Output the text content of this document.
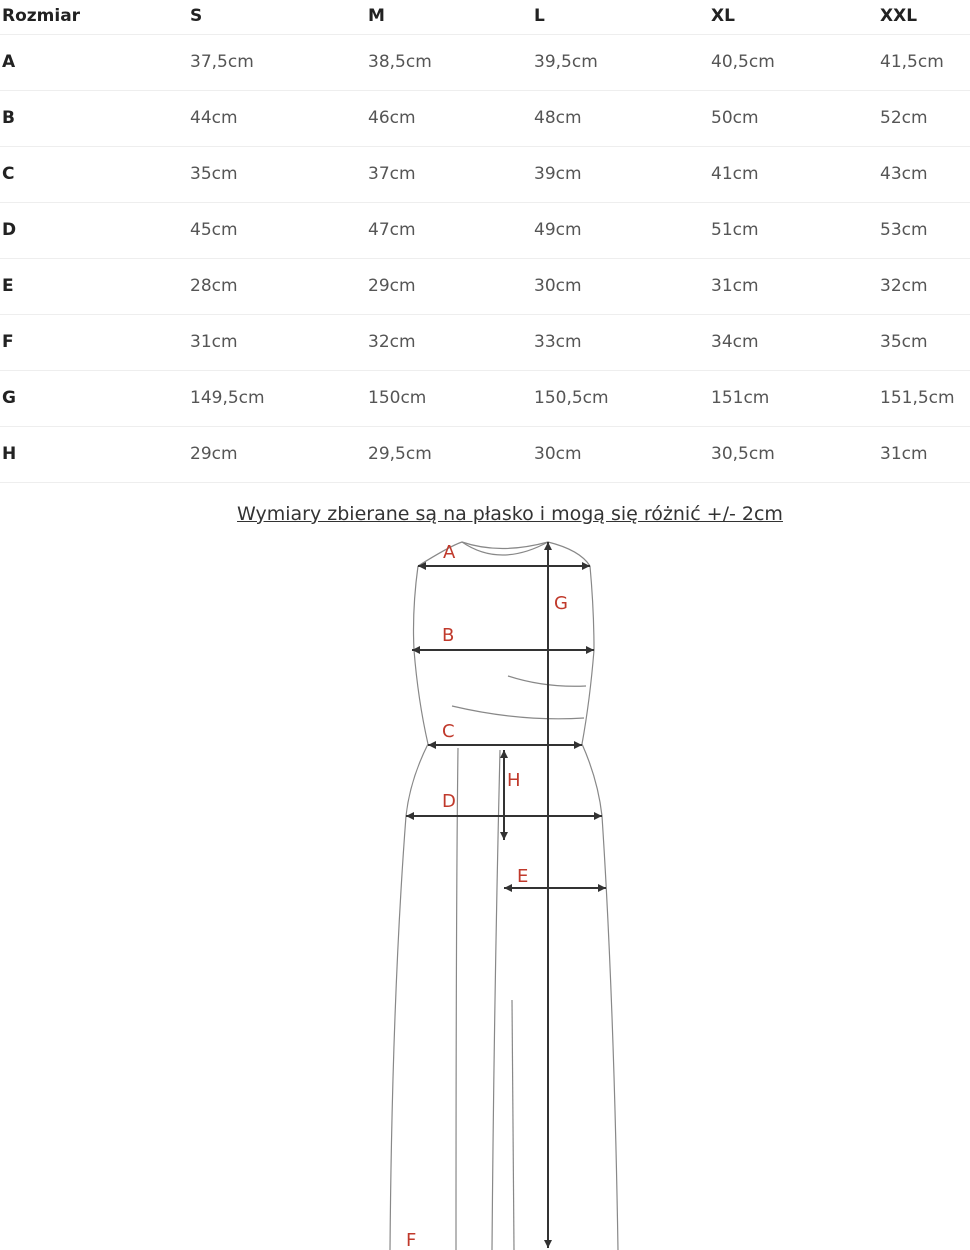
Rozmiar	S	M	L	XL	XXL
A	37,5cm	38,5cm	39,5cm	40,5cm	41,5cm
B	44cm	46cm	48cm	50cm	52cm
C	35cm	37cm	39cm	41cm	43cm
D	45cm	47cm	49cm	51cm	53cm
E	28cm	29cm	30cm	31cm	32cm
F	31cm	32cm	33cm	34cm	35cm
G	149,5cm	150cm	150,5cm	151cm	151,5cm
H	29cm	29,5cm	30cm	30,5cm	31cm
Wymiary zbierane są na płasko i mogą się różnić +/- 2cm
A
G
B
C
H
D
E
F
